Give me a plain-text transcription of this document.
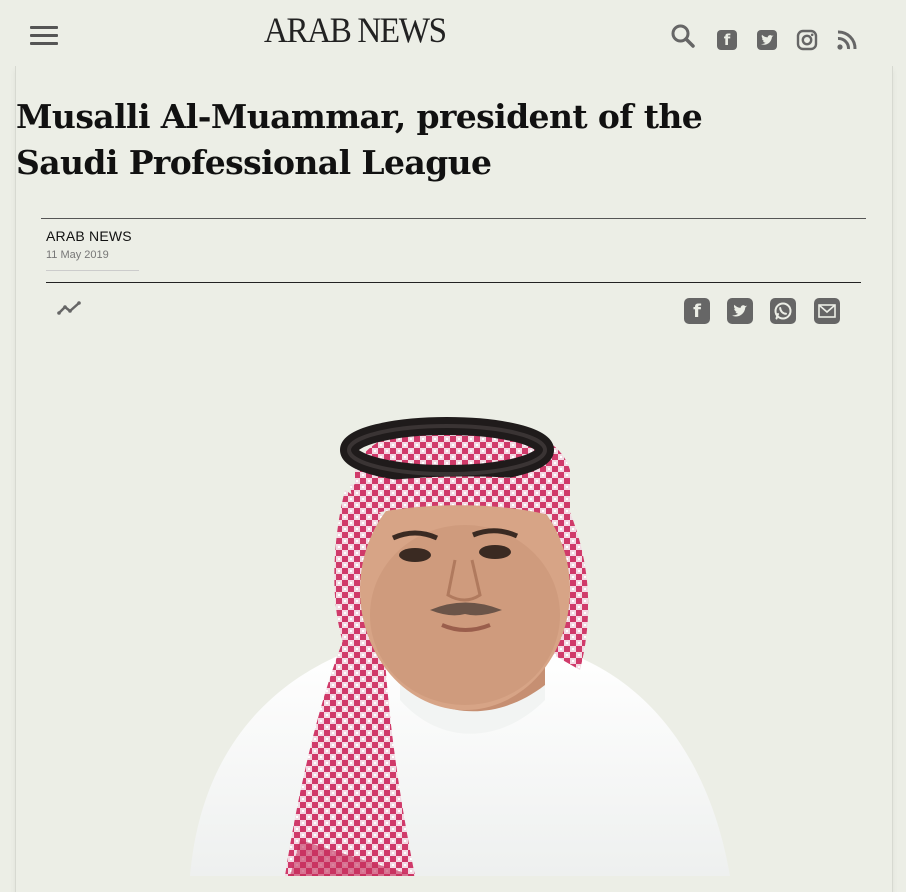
ARAB NEWS	f
Musalli Al-Muammar, president of the Saudi Professional League
ARAB NEWS
11 May 2019
f
